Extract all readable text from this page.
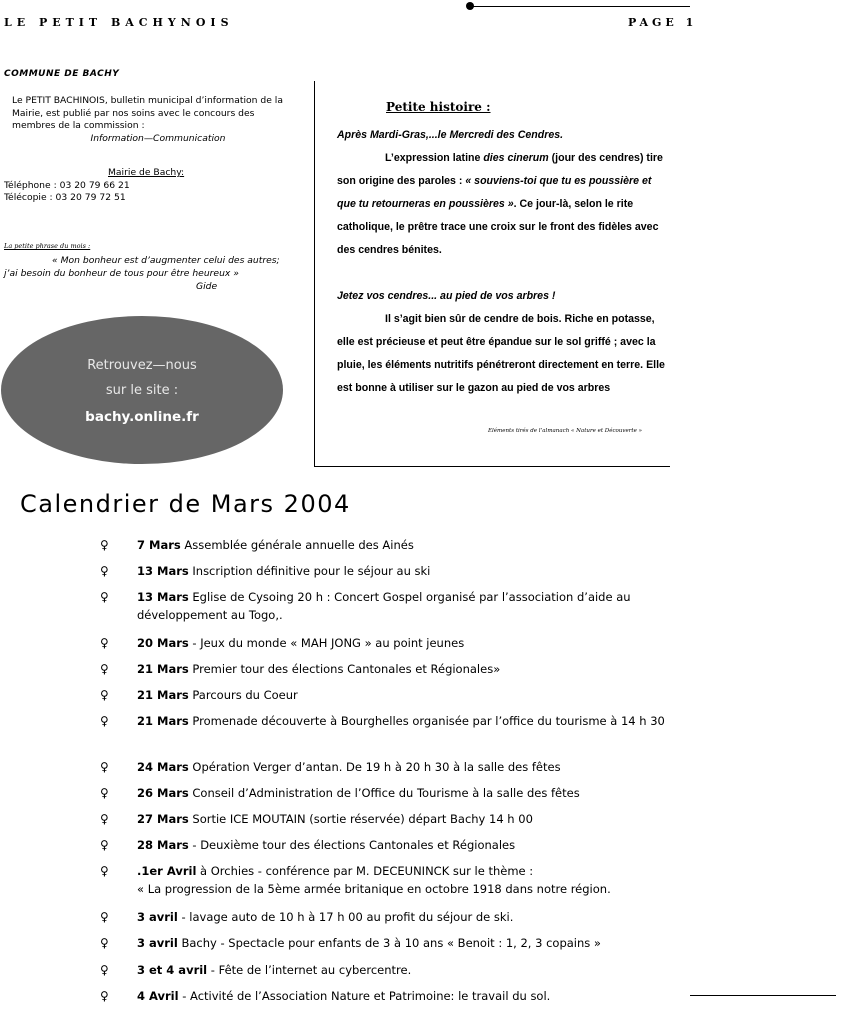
LE PETIT BACHYNOIS	PAGE 1
COMMUNE DE BACHY
Le PETIT BACHINOIS, bulletin municipal d’information de la
Mairie, est publié par nos soins avec le concours des
membres de la commission :

Information—Communication
Mairie de Bachy:
Téléphone : 03 20 79 66 21
Télécopie : 03 20 79 72 51
La petite phrase du mois :
« Mon bonheur est d’augmenter celui des autres;
j’ai besoin du bonheur de tous pour être heureux »
Gide
Retrouvez—nous
sur le site :
bachy.online.fr
Petite histoire :

Après Mardi-Gras,...le Mercredi des Cendres.

L’expression latine dies cinerum (jour des cendres) tire son origine des paroles : « souviens-toi que tu es poussière et que tu retourneras en poussières ». Ce jour-là, selon le rite catholique, le prêtre trace une croix sur le front des fidèles avec des cendres bénites.

Jetez vos cendres... au pied de vos arbres !

Il s’agit bien sûr de cendre de bois. Riche en potasse, elle est précieuse et peut être épandue sur le sol griffé ; avec la pluie, les éléments nutritifs pénétreront directement en terre. Elle est bonne à utiliser sur le gazon au pied de vos arbres

Eléments tirés de l’almanach « Nature et Découverte »
Calendrier de Mars 2004
♀ 7 Mars Assemblée générale annuelle des Ainés
♀ 13 Mars Inscription définitive pour le séjour au ski
♀ 13 Mars Eglise de Cysoing 20 h : Concert Gospel organisé par l’association d’aide au développement au Togo,.
♀ 20 Mars - Jeux du monde « MAH JONG » au point jeunes
♀ 21 Mars Premier tour des élections Cantonales et Régionales»
♀ 21 Mars Parcours du Coeur
♀ 21 Mars Promenade découverte à Bourghelles organisée par l’office du tourisme à 14 h 30
♀ 24 Mars Opération Verger d’antan. De 19 h à 20 h 30 à la salle des fêtes
♀ 26 Mars Conseil d’Administration de l’Office du Tourisme à la salle des fêtes
♀ 27 Mars Sortie ICE MOUTAIN (sortie réservée) départ Bachy 14 h 00
♀ 28 Mars - Deuxième tour des élections Cantonales et Régionales
♀ .1er Avril à Orchies - conférence par M. DECEUNINCK sur le thème :
« La progression de la 5ème armée britanique en octobre 1918 dans notre région.
♀ 3 avril - lavage auto de 10 h à 17 h 00 au profit du séjour de ski.
♀ 3 avril Bachy - Spectacle pour enfants de 3 à 10 ans « Benoit : 1, 2, 3 copains »
♀ 3 et 4 avril - Fête de l’internet au cybercentre.
♀ 4 Avril - Activité de l’Association Nature et Patrimoine: le travail du sol.
